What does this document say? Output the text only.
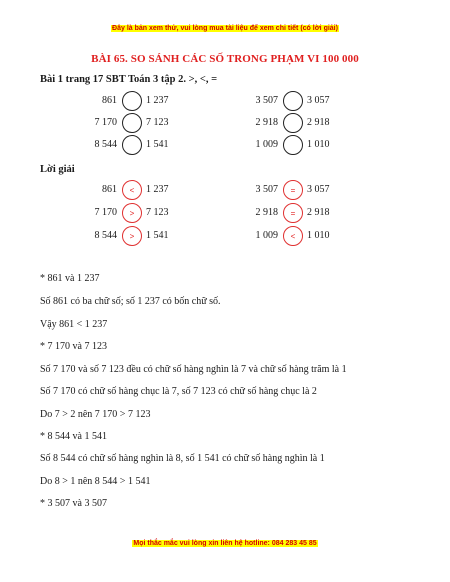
Đây là bản xem thử, vui lòng mua tài liệu để xem chi tiết (có lời giải)
BÀI 65. SO SÁNH CÁC SỐ TRONG PHẠM VI 100 000
Bài 1 trang 17 SBT Toán 3 tập 2. >, <, =
861	1 237	3 507	3 057
7 170	7 123	2 918	2 918
8 544	1 541	1 009	1 010
Lời giải
861	<	1 237	3 507	=	3 057
7 170	>	7 123	2 918	=	2 918
8 544	>	1 541	1 009	<	1 010
* 861 và 1 237
Số 861 có ba chữ số; số 1 237 có bốn chữ số.
Vậy 861 < 1 237
* 7 170 và 7 123
Số 7 170 và số 7 123 đều có chữ số hàng nghìn là 7 và chữ số hàng trăm là 1
Số 7 170 có chữ số hàng chục là 7, số 7 123 có chữ số hàng chục là 2
Do 7 > 2 nên 7 170 > 7 123
* 8 544 và 1 541
Số 8 544 có chữ số hàng nghìn là 8, số 1 541 có chữ số hàng nghìn là 1
Do 8 > 1 nên 8 544 > 1 541
* 3 507 và 3 507
Mọi thắc mắc vui lòng xin liên hệ hotline: 084 283 45 85
